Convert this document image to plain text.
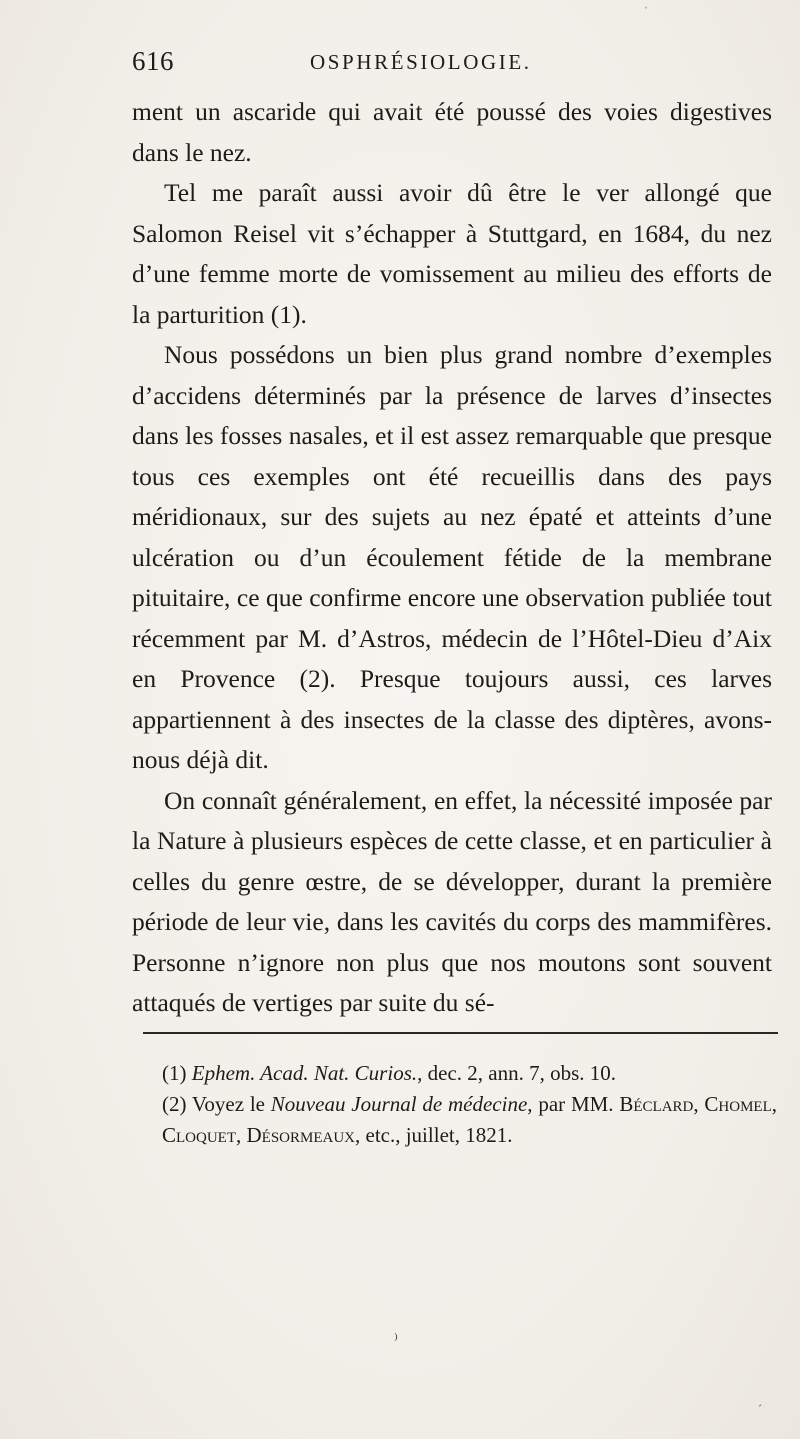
616	OSPHRÉSIOLOGIE.

ment un ascaride qui avait été poussé des voies digestives dans le nez.

Tel me paraît aussi avoir dû être le ver allongé que Salomon Reisel vit s’échapper à Stuttgard, en 1684, du nez d’une femme morte de vomissement au milieu des efforts de la parturition (1).

Nous possédons un bien plus grand nombre d’exemples d’accidens déterminés par la présence de larves d’insectes dans les fosses nasales, et il est assez remarquable que presque tous ces exemples ont été recueillis dans des pays méridionaux, sur des sujets au nez épaté et atteints d’une ulcération ou d’un écoulement fétide de la membrane pituitaire, ce que confirme encore une observation publiée tout récemment par M. d’Astros, médecin de l’Hôtel-Dieu d’Aix en Provence (2). Presque toujours aussi, ces larves appartiennent à des insectes de la classe des diptères, avons-nous déjà dit.

On connaît généralement, en effet, la nécessité imposée par la Nature à plusieurs espèces de cette classe, et en particulier à celles du genre œstre, de se développer, durant la première période de leur vie, dans les cavités du corps des mammifères. Personne n’ignore non plus que nos moutons sont souvent attaqués de vertiges par suite du sé-

(1) Ephem. Acad. Nat. Curios., dec. 2, ann. 7, obs. 10.

(2) Voyez le Nouveau Journal de médecine, par MM. Béclard, Chomel, Cloquet, Désormeaux, etc., juillet, 1821.

⁾
ˊ
ˈ
